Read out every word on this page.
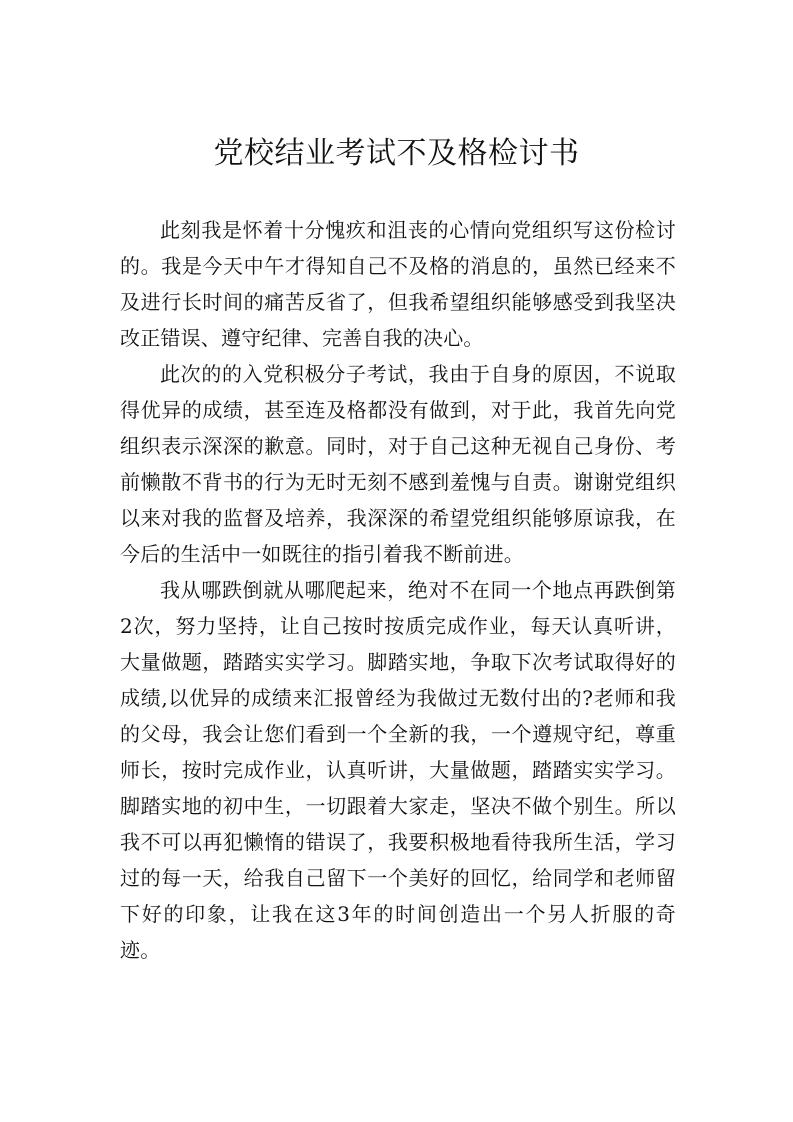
党校结业考试不及格检讨书

此刻我是怀着十分愧疚和沮丧的心情向党组织写这份检讨的。我是今天中午才得知自己不及格的消息的，虽然已经来不及进行长时间的痛苦反省了，但我希望组织能够感受到我坚决改正错误、遵守纪律、完善自我的决心。

此次的的入党积极分子考试，我由于自身的原因，不说取得优异的成绩，甚至连及格都没有做到，对于此，我首先向党组织表示深深的歉意。同时，对于自己这种无视自己身份、考前懒散不背书的行为无时无刻不感到羞愧与自责。谢谢党组织以来对我的监督及培养，我深深的希望党组织能够原谅我，在今后的生活中一如既往的指引着我不断前进。

我从哪跌倒就从哪爬起来，绝对不在同一个地点再跌倒第2次，努力坚持，让自己按时按质完成作业，每天认真听讲，大量做题，踏踏实实学习。脚踏实地，争取下次考试取得好的成绩,以优异的成绩来汇报曾经为我做过无数付出的?老师和我的父母，我会让您们看到一个全新的我，一个遵规守纪，尊重师长，按时完成作业，认真听讲，大量做题，踏踏实实学习。脚踏实地的初中生，一切跟着大家走，坚决不做个别生。所以我不可以再犯懒惰的错误了，我要积极地看待我所生活，学习过的每一天，给我自己留下一个美好的回忆，给同学和老师留下好的印象，让我在这3年的时间创造出一个另人折服的奇迹。
